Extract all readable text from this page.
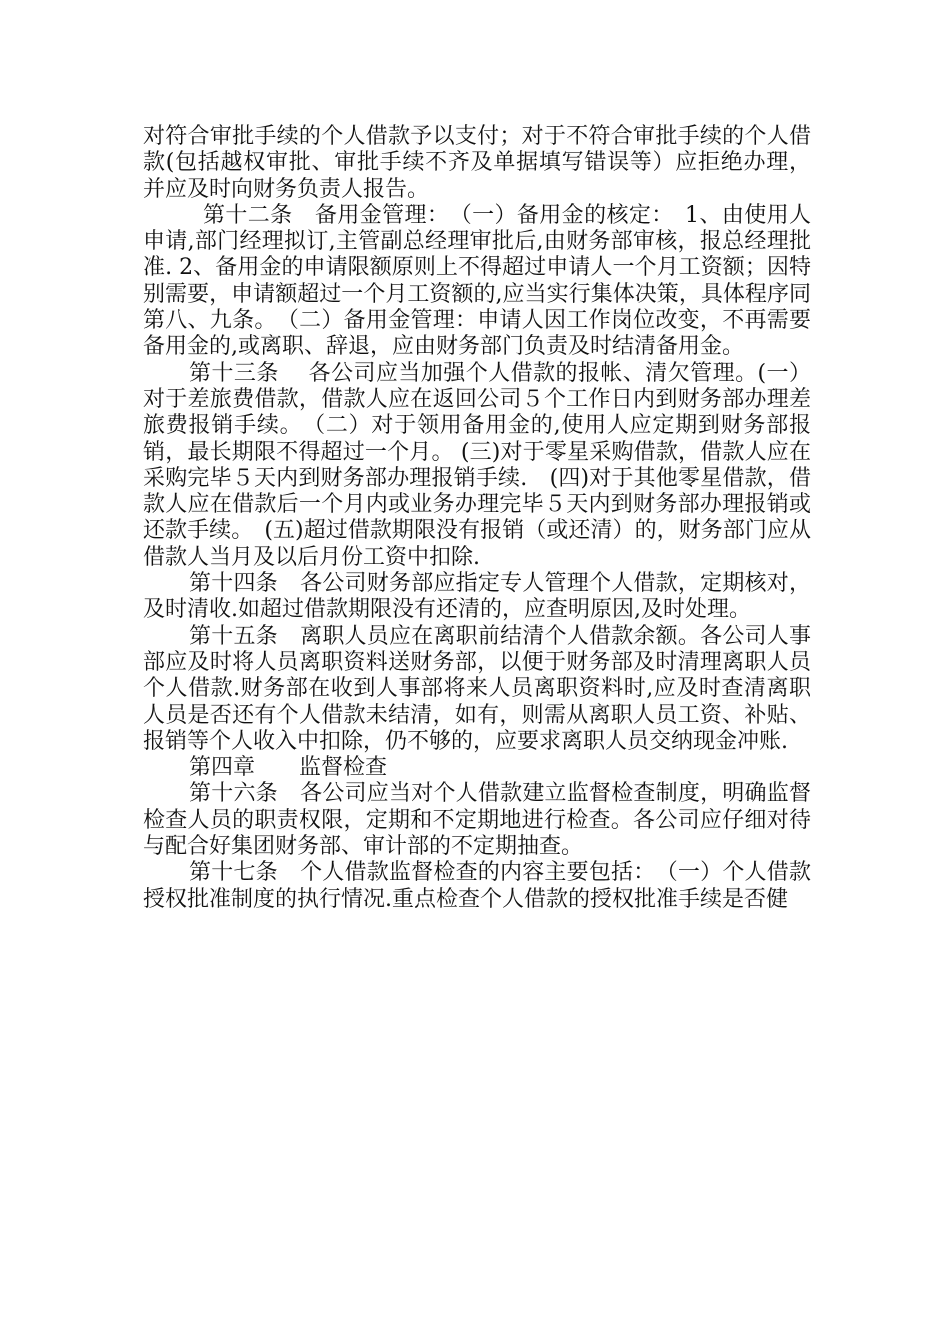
对符合审批手续的个人借款予以支付；对于不符合审批手续的个人借款(包括越权审批、审批手续不齐及单据填写错误等）应拒绝办理，并应及时向财务负责人报告。

第十二条　备用金管理：　（一）备用金的核定：　1、由使用人申请,部门经理拟订,主管副总经理审批后,由财务部审核，报总经理批准. 2、备用金的申请限额原则上不得超过申请人一个月工资额；因特别需要，申请额超过一个月工资额的,应当实行集体决策，具体程序同第八、九条。　（二）备用金管理：申请人因工作岗位改变，不再需要备用金的,或离职、辞退，应由财务部门负责及时结清备用金。

第十三条　 各公司应当加强个人借款的报帐、清欠管理。(一）对于差旅费借款，借款人应在返回公司５个工作日内到财务部办理差旅费报销手续。　（二）对于领用备用金的,使用人应定期到财务部报销，最长期限不得超过一个月。 (三)对于零星采购借款，借款人应在采购完毕５天内到财务部办理报销手续.　(四)对于其他零星借款，借款人应在借款后一个月内或业务办理完毕５天内到财务部办理报销或还款手续。　(五)超过借款期限没有报销（或还清）的，财务部门应从借款人当月及以后月份工资中扣除.

第十四条　各公司财务部应指定专人管理个人借款，定期核对，及时清收.如超过借款期限没有还清的，应查明原因,及时处理。

第十五条　离职人员应在离职前结清个人借款余额。各公司人事部应及时将人员离职资料送财务部，以便于财务部及时清理离职人员个人借款.财务部在收到人事部将来人员离职资料时,应及时查清离职人员是否还有个人借款未结清，如有，则需从离职人员工资、补贴、报销等个人收入中扣除，仍不够的，应要求离职人员交纳现金冲账.

第四章　　监督检查

第十六条　各公司应当对个人借款建立监督检查制度，明确监督检查人员的职责权限，定期和不定期地进行检查。各公司应仔细对待与配合好集团财务部、审计部的不定期抽查。

第十七条　个人借款监督检查的内容主要包括：　（一）个人借款授权批准制度的执行情况.重点检查个人借款的授权批准手续是否健
